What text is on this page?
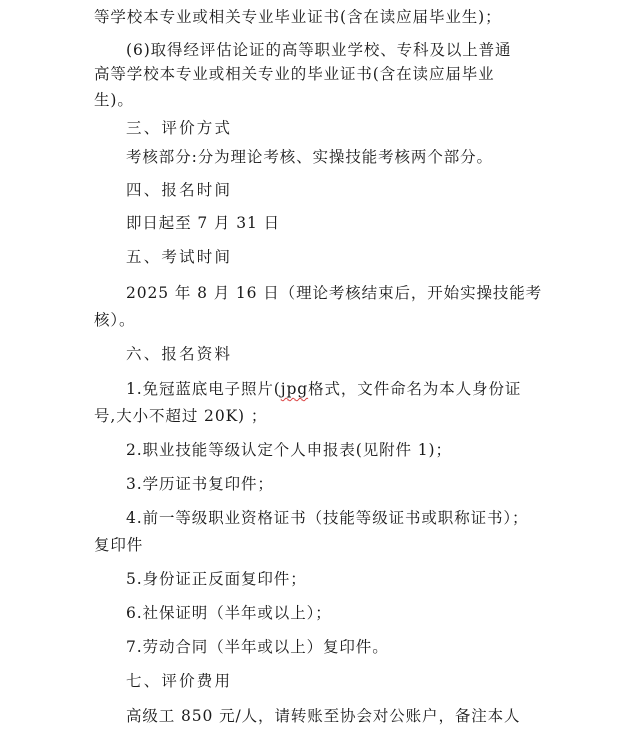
等学校本专业或相关专业毕业证书(含在读应届毕业生)；
(6)取得经评估论证的高等职业学校、专科及以上普通
高等学校本专业或相关专业的毕业证书(含在读应届毕业
生)。
三、评价方式
考核部分:分为理论考核、实操技能考核两个部分。
四、报名时间
即日起至 7 月 31 日
五、考试时间
2025 年 8 月 16 日（理论考核结束后，开始实操技能考
核）。
六、报名资料
1.免冠蓝底电子照片(jpg格式，文件命名为本人身份证
号,大小不超过 20K) ；
2.职业技能等级认定个人申报表(见附件 1)；
3.学历证书复印件；
4.前一等级职业资格证书（技能等级证书或职称证书）；
复印件
5.身份证正反面复印件；
6.社保证明（半年或以上）；
7.劳动合同（半年或以上）复印件。
七、评价费用
高级工 850 元/人，请转账至协会对公账户，备注本人
